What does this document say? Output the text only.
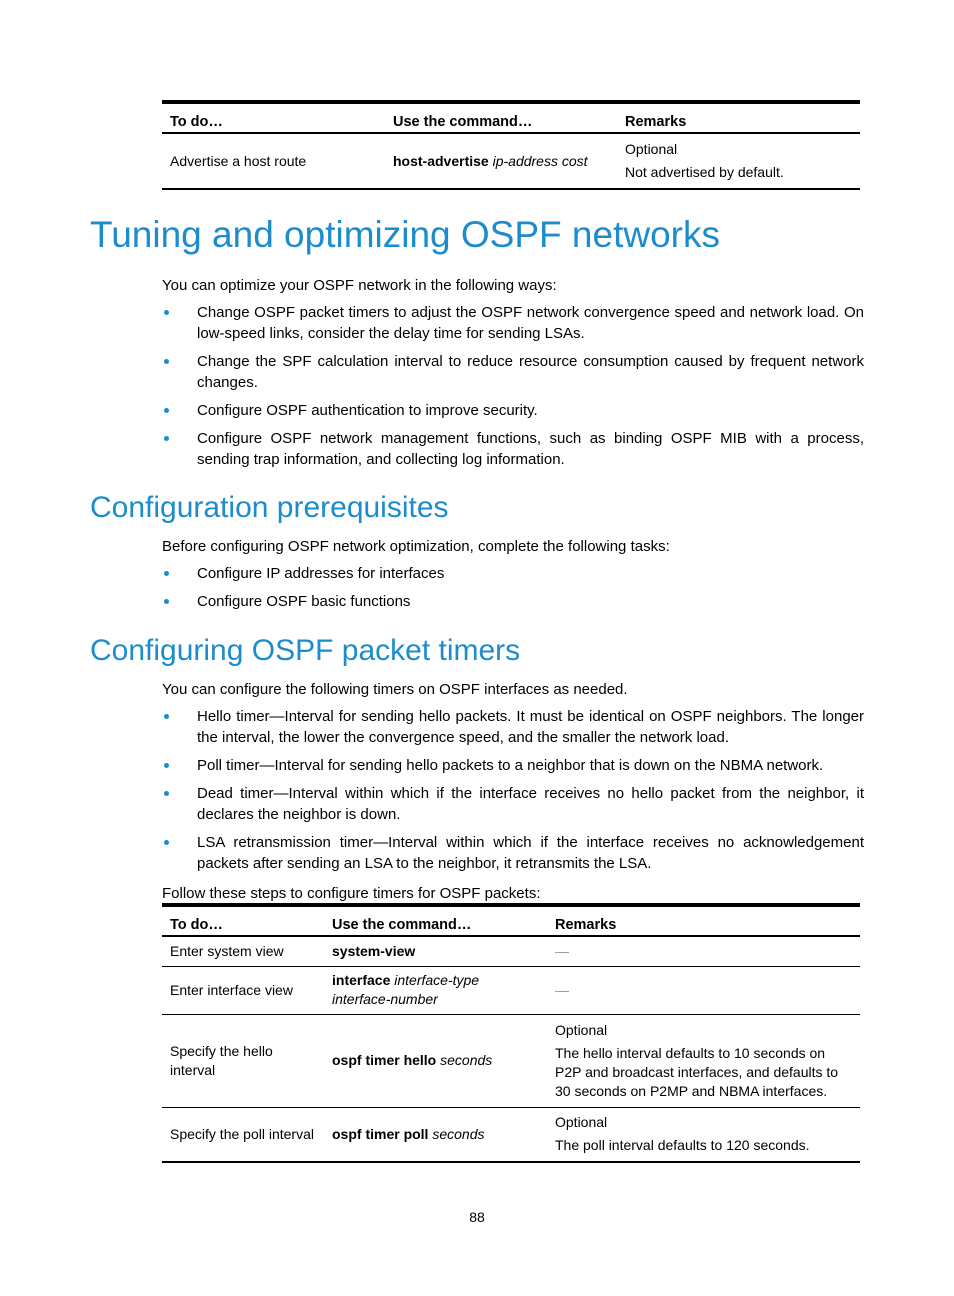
To do…	Use the command…	Remarks
Advertise a host route	host-advertise ip-address cost	Optional

Not advertised by default.

Tuning and optimizing OSPF networks

You can optimize your OSPF network in the following ways:

Change OSPF packet timers to adjust the OSPF network convergence speed and network load. On low-speed links, consider the delay time for sending LSAs.
Change the SPF calculation interval to reduce resource consumption caused by frequent network changes.
Configure OSPF authentication to improve security.
Configure OSPF network management functions, such as binding OSPF MIB with a process, sending trap information, and collecting log information.
Configuration prerequisites

Before configuring OSPF network optimization, complete the following tasks:

Configure IP addresses for interfaces
Configure OSPF basic functions
Configuring OSPF packet timers

You can configure the following timers on OSPF interfaces as needed.

Hello timer—Interval for sending hello packets. It must be identical on OSPF neighbors. The longer the interval, the lower the convergence speed, and the smaller the network load.
Poll timer—Interval for sending hello packets to a neighbor that is down on the NBMA network.
Dead timer—Interval within which if the interface receives no hello packet from the neighbor, it declares the neighbor is down.
LSA retransmission timer—Interval within which if the interface receives no acknowledgement packets after sending an LSA to the neighbor, it retransmits the LSA.

Follow these steps to configure timers for OSPF packets:

To do…	Use the command…	Remarks
Enter system view	system-view	—
Enter interface view	interface interface-type interface-number	—
Specify the hello interval	ospf timer hello seconds	Optional

The hello interval defaults to 10 seconds on P2P and broadcast interfaces, and defaults to 30 seconds on P2MP and NBMA interfaces.

Specify the poll interval	ospf timer poll seconds	Optional

The poll interval defaults to 120 seconds.

88
